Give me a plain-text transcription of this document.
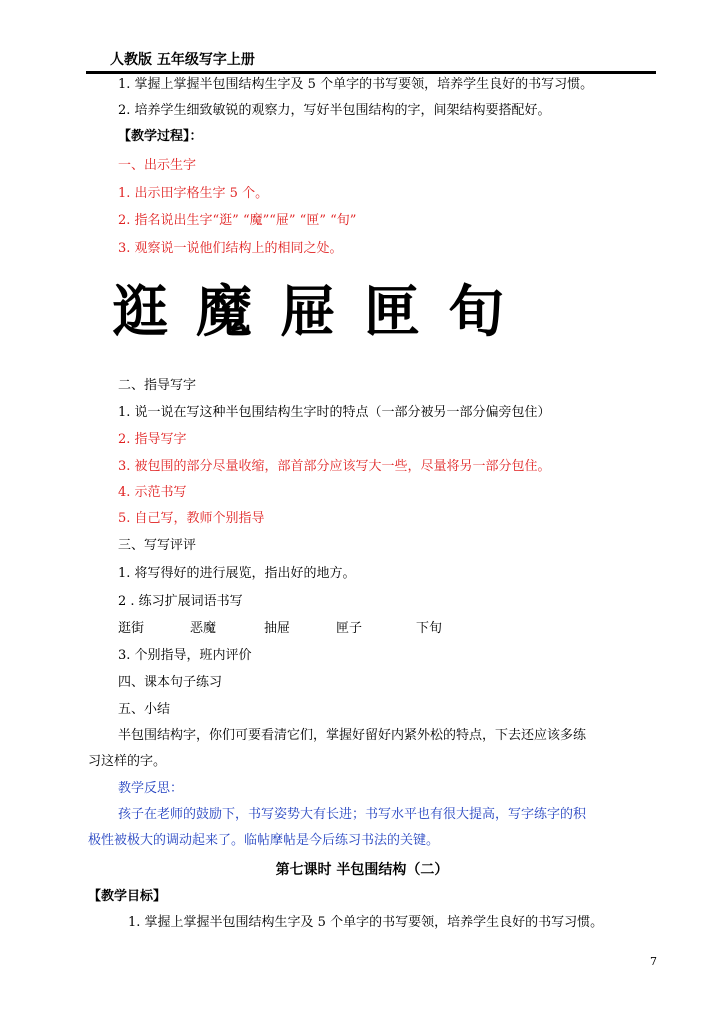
人教版 五年级写字上册
1. 掌握上掌握半包围结构生字及 5 个单字的书写要领，培养学生良好的书写习惯。
2. 培养学生细致敏锐的观察力，写好半包围结构的字，间架结构要搭配好。
【教学过程】：
一、出示生字
1. 出示田字格生字 5 个。
2. 指名说出生字“逛” “魔”“屉” “匣” “旬”
3. 观察说一说他们结构上的相同之处。
逛 魔 屉 匣 旬
二、指导写字
1. 说一说在写这种半包围结构生字时的特点（一部分被另一部分偏旁包住）
2. 指导写字
3. 被包围的部分尽量收缩，部首部分应该写大一些，尽量将另一部分包住。
4. 示范书写
5. 自己写，教师个别指导
三、写写评评
1. 将写得好的进行展览，指出好的地方。
2 . 练习扩展词语书写
逛街	恶魔	抽屉	匣子	下旬
3. 个别指导，班内评价
四、课本句子练习
五、小结
半包围结构字，你们可要看清它们，掌握好留好内紧外松的特点，下去还应该多练
习这样的字。
教学反思：
孩子在老师的鼓励下，书写姿势大有长进；书写水平也有很大提高，写字练字的积
极性被极大的调动起来了。临帖摩帖是今后练习书法的关键。
第七课时 半包围结构（二）
【教学目标】
1. 掌握上掌握半包围结构生字及 5 个单字的书写要领，培养学生良好的书写习惯。
7
